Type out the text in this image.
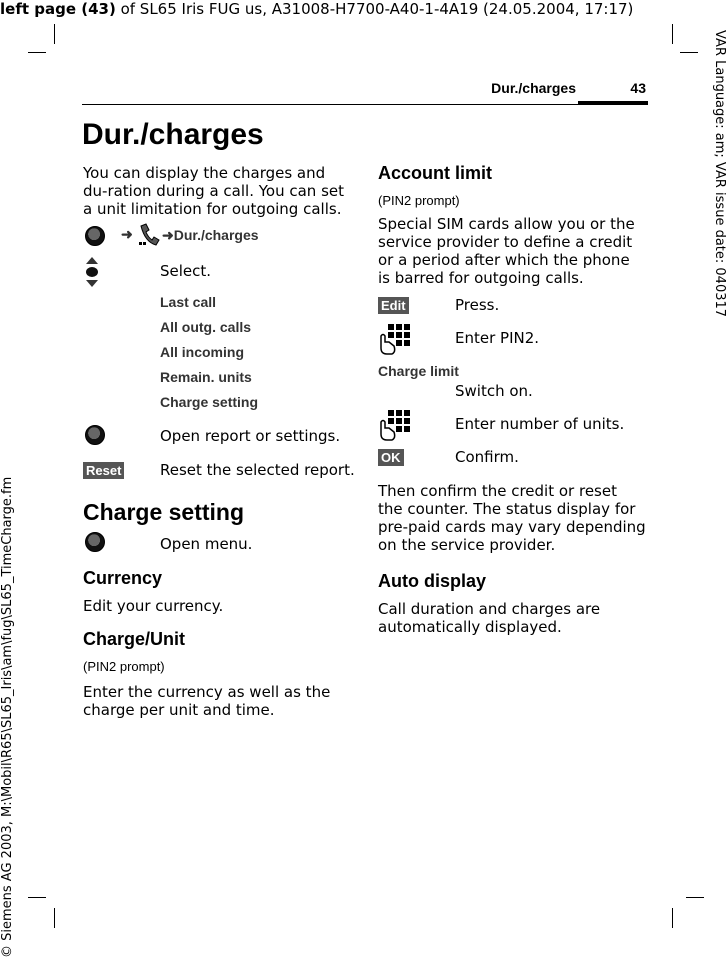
left page (43) of SL65 Iris FUG us, A31008-H7700-A40-1-4A19 (24.05.2004, 17:17)
VAR Language: am; VAR issue date: 040317
© Siemens AG 2003, M:\Mobil\R65\SL65_Iris\am\fug\SL65_TimeCharge.fm
Dur./charges	43
Dur./charges
You can display the charges and du-ration during a call. You can set a unit limitation for outgoing calls.
➜ ➜Dur./charges
Select.
Last call
All outg. calls
All incoming
Remain. units
Charge setting
Open report or settings.
Reset	Reset the selected report.
Charge setting
Open menu.
Currency
Edit your currency.
Charge/Unit
(PIN2 prompt)
Enter the currency as well as the charge per unit and time.
Account limit
(PIN2 prompt)
Special SIM cards allow you or the service provider to define a credit or a period after which the phone is barred for outgoing calls.
Edit	Press.
Enter PIN2.
Charge limit
Switch on.
Enter number of units.
OK	Confirm.
Then confirm the credit or reset the counter. The status display for pre-paid cards may vary depending on the service provider.
Auto display
Call duration and charges are automatically displayed.
